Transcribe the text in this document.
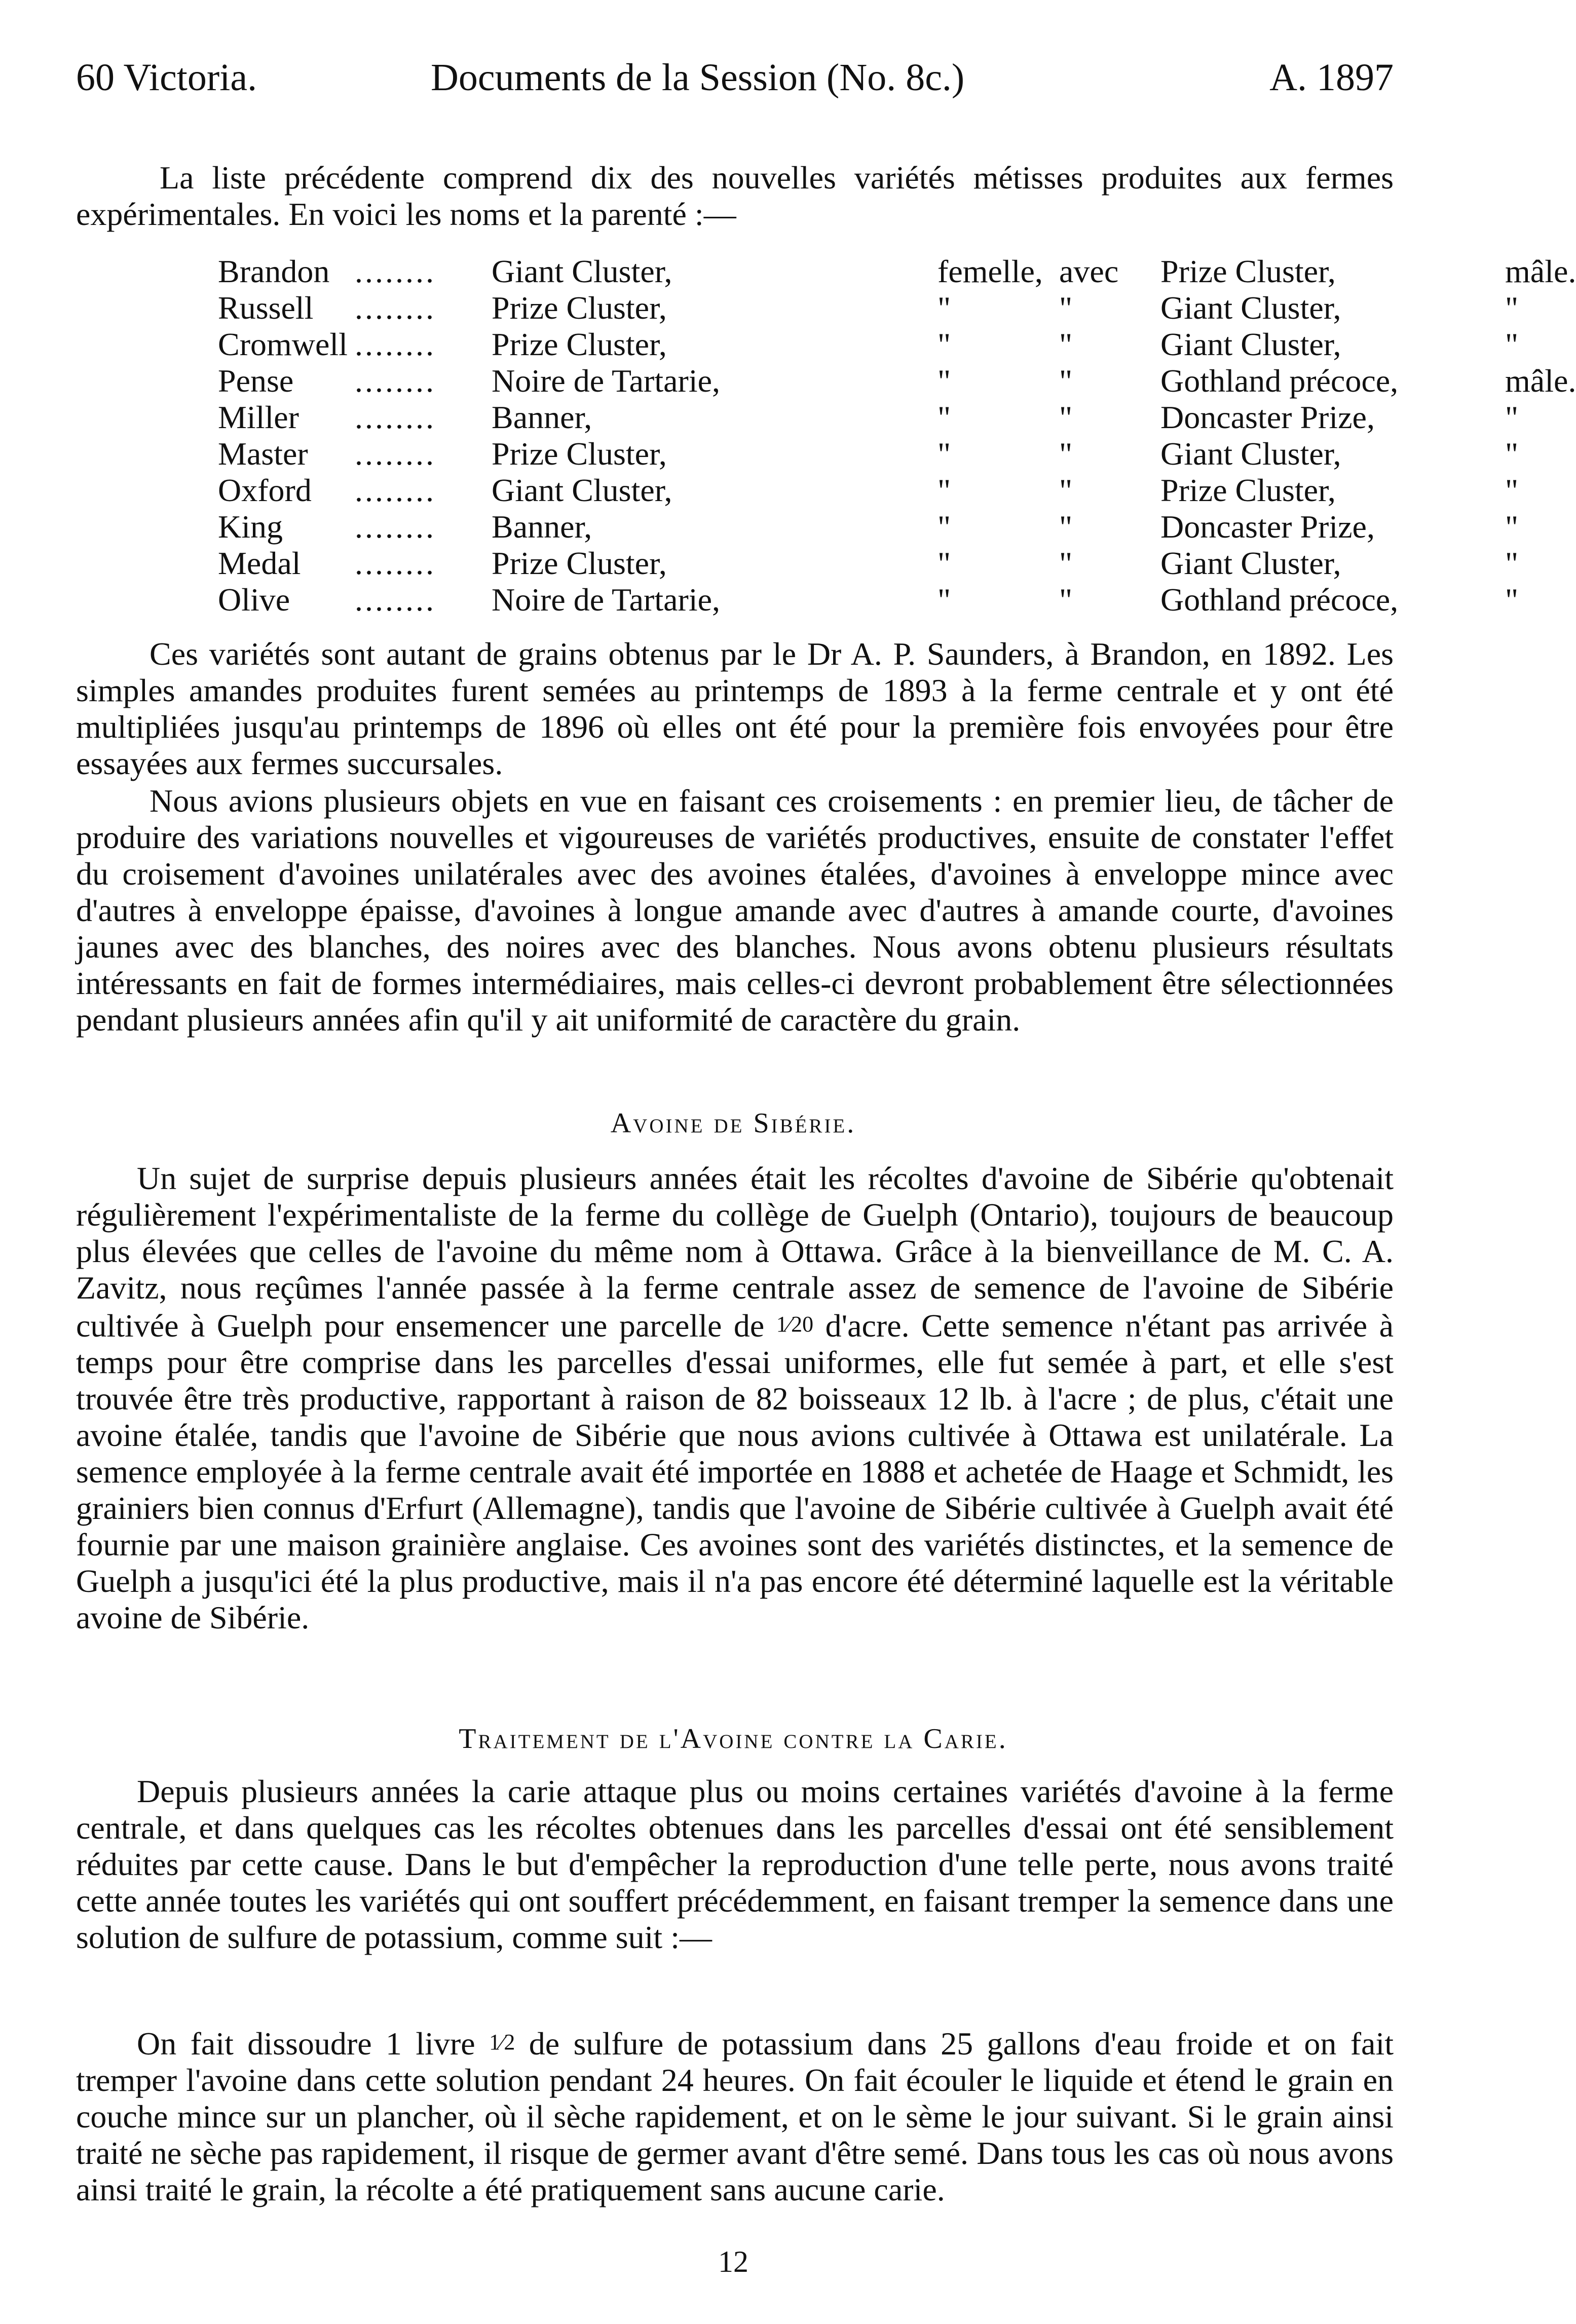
60 Victoria.	Documents de la Session (No. 8c.)	A. 1897

La liste précédente comprend dix des nouvelles variétés métisses produites aux fermes expérimentales. En voici les noms et la parenté :—

Brandon ........ Giant Cluster,	femelle, avec Prize Cluster,	mâle.
Russell ........ Prize Cluster,	"	"	Giant Cluster,	"
Cromwell ........ Prize Cluster,	"	"	Giant Cluster,	"
Pense ........ Noire de Tartarie,	"	"	Gothland précoce,	mâle.
Miller ........ Banner,	"	"	Doncaster Prize,	"
Master ........ Prize Cluster,	"	"	Giant Cluster,	"
Oxford ........ Giant Cluster,	"	"	Prize Cluster,	"
King ........ Banner,	"	"	Doncaster Prize,	"
Medal ........ Prize Cluster,	"	"	Giant Cluster,	"
Olive ........ Noire de Tartarie,	"	"	Gothland précoce,	"

Ces variétés sont autant de grains obtenus par le Dr A. P. Saunders, à Brandon, en 1892. Les simples amandes produites furent semées au printemps de 1893 à la ferme centrale et y ont été multipliées jusqu'au printemps de 1896 où elles ont été pour la première fois envoyées pour être essayées aux fermes succursales.

Nous avions plusieurs objets en vue en faisant ces croisements : en premier lieu, de tâcher de produire des variations nouvelles et vigoureuses de variétés productives, ensuite de constater l'effet du croisement d'avoines unilatérales avec des avoines étalées, d'avoines à enveloppe mince avec d'autres à enveloppe épaisse, d'avoines à longue amande avec d'autres à amande courte, d'avoines jaunes avec des blanches, des noires avec des blanches. Nous avons obtenu plusieurs résultats intéressants en fait de formes intermédiaires, mais celles-ci devront probablement être sélectionnées pendant plusieurs années afin qu'il y ait uniformité de caractère du grain.

Avoine de Sibérie.

Un sujet de surprise depuis plusieurs années était les récoltes d'avoine de Sibérie qu'obtenait régulièrement l'expérimentaliste de la ferme du collège de Guelph (Ontario), toujours de beaucoup plus élevées que celles de l'avoine du même nom à Ottawa. Grâce à la bienveillance de M. C. A. Zavitz, nous reçûmes l'année passée à la ferme centrale assez de semence de l'avoine de Sibérie cultivée à Guelph pour ensemencer une parcelle de 1⁄20 d'acre. Cette semence n'étant pas arrivée à temps pour être comprise dans les parcelles d'essai uniformes, elle fut semée à part, et elle s'est trouvée être très productive, rapportant à raison de 82 boisseaux 12 lb. à l'acre ; de plus, c'était une avoine étalée, tandis que l'avoine de Sibérie que nous avions cultivée à Ottawa est unilatérale. La semence employée à la ferme centrale avait été importée en 1888 et achetée de Haage et Schmidt, les grainiers bien connus d'Erfurt (Allemagne), tandis que l'avoine de Sibérie cultivée à Guelph avait été fournie par une maison grainière anglaise. Ces avoines sont des variétés distinctes, et la semence de Guelph a jusqu'ici été la plus productive, mais il n'a pas encore été déterminé laquelle est la véritable avoine de Sibérie.

Traitement de l'Avoine contre la Carie.

Depuis plusieurs années la carie attaque plus ou moins certaines variétés d'avoine à la ferme centrale, et dans quelques cas les récoltes obtenues dans les parcelles d'essai ont été sensiblement réduites par cette cause. Dans le but d'empêcher la reproduction d'une telle perte, nous avons traité cette année toutes les variétés qui ont souffert précédemment, en faisant tremper la semence dans une solution de sulfure de potassium, comme suit :—

On fait dissoudre 1 livre 1⁄2 de sulfure de potassium dans 25 gallons d'eau froide et on fait tremper l'avoine dans cette solution pendant 24 heures. On fait écouler le liquide et étend le grain en couche mince sur un plancher, où il sèche rapidement, et on le sème le jour suivant. Si le grain ainsi traité ne sèche pas rapidement, il risque de germer avant d'être semé. Dans tous les cas où nous avons ainsi traité le grain, la récolte a été pratiquement sans aucune carie.

12
